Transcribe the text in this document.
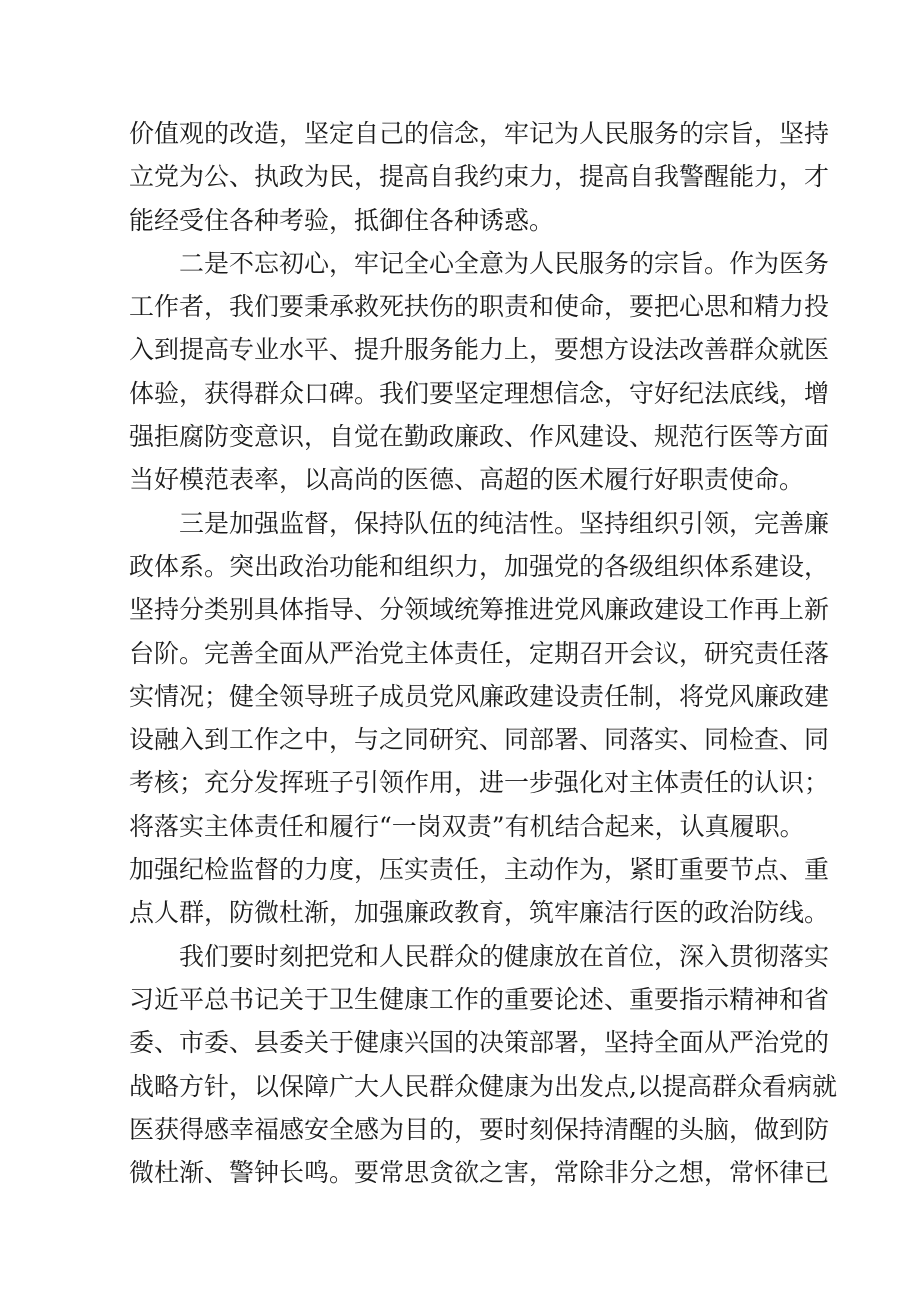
价值观的改造，坚定自己的信念，牢记为人民服务的宗旨，坚持
立党为公、执政为民，提高自我约束力，提高自我警醒能力，才
能经受住各种考验，抵御住各种诱惑。
二是不忘初心，牢记全心全意为人民服务的宗旨。作为医务
工作者，我们要秉承救死扶伤的职责和使命，要把心思和精力投
入到提高专业水平、提升服务能力上，要想方设法改善群众就医
体验，获得群众口碑。我们要坚定理想信念，守好纪法底线，增
强拒腐防变意识，自觉在勤政廉政、作风建设、规范行医等方面
当好模范表率，以高尚的医德、高超的医术履行好职责使命。
三是加强监督，保持队伍的纯洁性。坚持组织引领，完善廉
政体系。突出政治功能和组织力，加强党的各级组织体系建设，
坚持分类别具体指导、分领域统筹推进党风廉政建设工作再上新
台阶。完善全面从严治党主体责任，定期召开会议，研究责任落
实情况；健全领导班子成员党风廉政建设责任制，将党风廉政建
设融入到工作之中，与之同研究、同部署、同落实、同检查、同
考核；充分发挥班子引领作用，进一步强化对主体责任的认识；
将落实主体责任和履行“一岗双责”有机结合起来，认真履职。
加强纪检监督的力度，压实责任，主动作为，紧盯重要节点、重
点人群，防微杜渐，加强廉政教育，筑牢廉洁行医的政治防线。
我们要时刻把党和人民群众的健康放在首位，深入贯彻落实
习近平总书记关于卫生健康工作的重要论述、重要指示精神和省
委、市委、县委关于健康兴国的决策部署，坚持全面从严治党的
战略方针，以保障广大人民群众健康为出发点,以提高群众看病就
医获得感幸福感安全感为目的，要时刻保持清醒的头脑，做到防
微杜渐、警钟长鸣。要常思贪欲之害，常除非分之想，常怀律已
